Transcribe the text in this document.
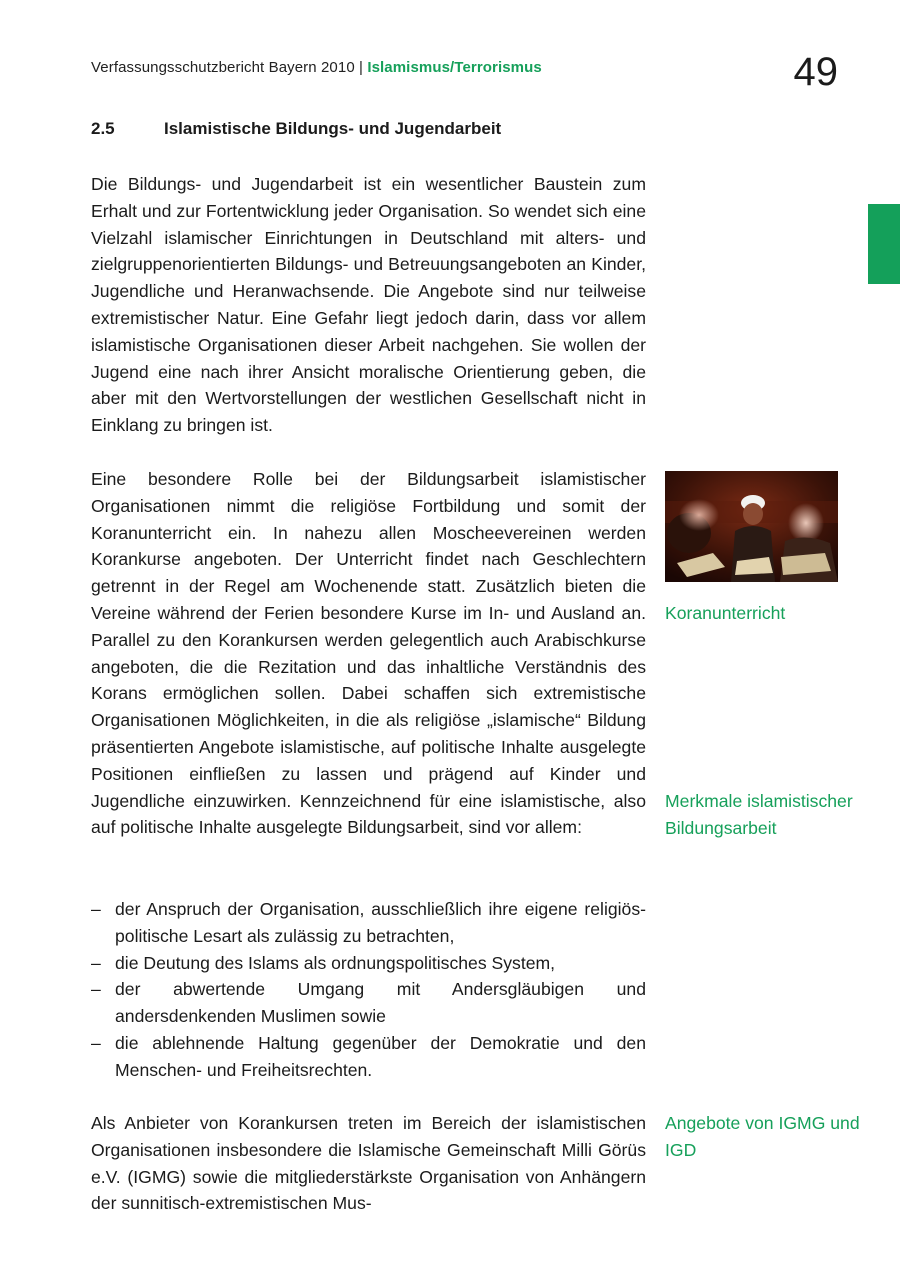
Verfassungsschutzbericht Bayern 2010 | Islamismus/Terrorismus	49
2.5	Islamistische Bildungs- und Jugendarbeit

Die Bildungs- und Jugendarbeit ist ein wesentlicher Baustein zum Erhalt und zur Fortentwicklung jeder Organisation. So wendet sich eine Vielzahl islamischer Einrichtungen in Deutschland mit alters- und zielgruppenorientierten Bildungs- und Betreuungsangeboten an Kinder, Jugendliche und Heranwachsende. Die Angebote sind nur teilweise extremistischer Natur. Eine Gefahr liegt jedoch darin, dass vor allem islamistische Organisationen dieser Arbeit nachgehen. Sie wollen der Jugend eine nach ihrer Ansicht moralische Orientierung geben, die aber mit den Wertvorstellungen der westlichen Gesellschaft nicht in Einklang zu bringen ist.

Eine besondere Rolle bei der Bildungsarbeit islamistischer Organisationen nimmt die religiöse Fortbildung und somit der Koranunterricht ein. In nahezu allen Moscheevereinen werden Korankurse angeboten. Der Unterricht findet nach Geschlechtern getrennt in der Regel am Wochenende statt. Zusätzlich bieten die Vereine während der Ferien besondere Kurse im In- und Ausland an. Parallel zu den Korankursen werden gelegentlich auch Arabischkurse angeboten, die die Rezitation und das inhaltliche Verständnis des Korans ermöglichen sollen. Dabei schaffen sich extremistische Organisationen Möglichkeiten, in die als religiöse „islamische“ Bildung präsentierten Angebote islamistische, auf politische Inhalte ausgelegte Positionen einfließen zu lassen und prägend auf Kinder und Jugendliche einzuwirken. Kennzeichnend für eine islamistische, also auf politische Inhalte ausgelegte Bildungsarbeit, sind vor allem:

– der Anspruch der Organisation, ausschließlich ihre eigene religiös-politische Lesart als zulässig zu betrachten,
– die Deutung des Islams als ordnungspolitisches System,
– der abwertende Umgang mit Andersgläubigen und andersdenkenden Muslimen sowie
– die ablehnende Haltung gegenüber der Demokratie und den Menschen- und Freiheitsrechten.

Als Anbieter von Korankursen treten im Bereich der islamistischen Organisationen insbesondere die Islamische Gemeinschaft Milli Görüs e.V. (IGMG) sowie die mitgliederstärkste Organisation von Anhängern der sunnitisch-extremistischen Mus-

Koranunterricht
Merkmale islamistischer Bildungsarbeit
Angebote von IGMG und IGD
